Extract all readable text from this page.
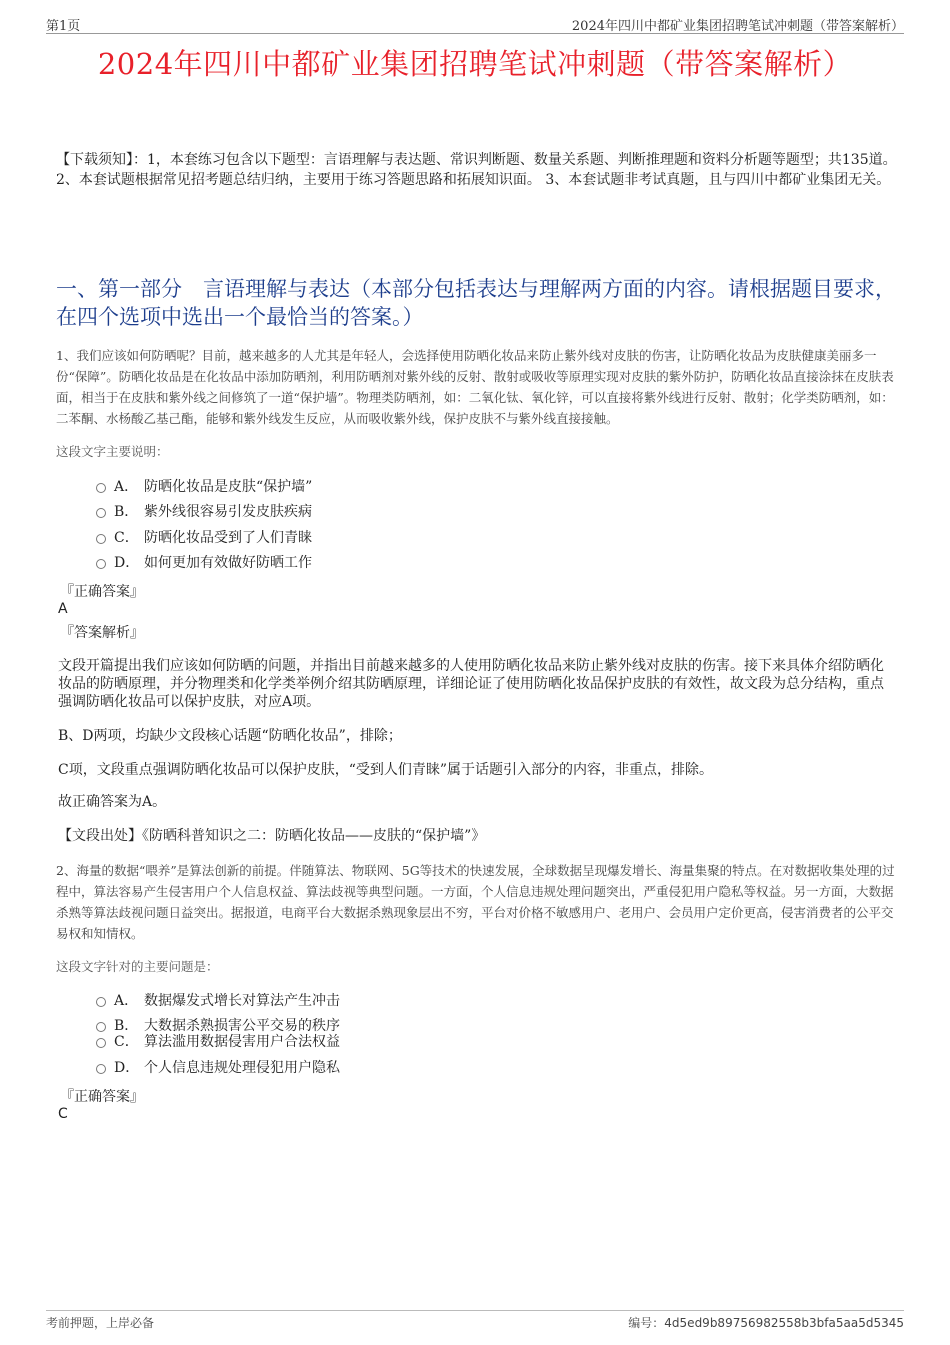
第1页	2024年四川中都矿业集团招聘笔试冲刺题（带答案解析）
2024年四川中都矿业集团招聘笔试冲刺题（带答案解析）
【下载须知】：1，本套练习包含以下题型：言语理解与表达题、常识判断题、数量关系题、判断推理题和资料分析题等题型；共135道。 2、本套试题根据常见招考题总结归纳，主要用于练习答题思路和拓展知识面。 3、本套试题非考试真题，且与四川中都矿业集团无关。
一、第一部分　言语理解与表达（本部分包括表达与理解两方面的内容。请根据题目要求，在四个选项中选出一个最恰当的答案。）
1、我们应该如何防晒呢？目前，越来越多的人尤其是年轻人，会选择使用防晒化妆品来防止紫外线对皮肤的伤害，让防晒化妆品为皮肤健康美丽多一份“保障”。防晒化妆品是在化妆品中添加防晒剂，利用防晒剂对紫外线的反射、散射或吸收等原理实现对皮肤的紫外防护，防晒化妆品直接涂抹在皮肤表面，相当于在皮肤和紫外线之间修筑了一道“保护墙”。物理类防晒剂，如：二氧化钛、氧化锌，可以直接将紫外线进行反射、散射；化学类防晒剂，如：二苯酮、水杨酸乙基己酯，能够和紫外线发生反应，从而吸收紫外线，保护皮肤不与紫外线直接接触。
这段文字主要说明：
A． 防晒化妆品是皮肤“保护墙”
B． 紫外线很容易引发皮肤疾病
C． 防晒化妆品受到了人们青睐
D． 如何更加有效做好防晒工作
『正确答案』
A
『答案解析』
文段开篇提出我们应该如何防晒的问题，并指出目前越来越多的人使用防晒化妆品来防止紫外线对皮肤的伤害。接下来具体介绍防晒化妆品的防晒原理，并分物理类和化学类举例介绍其防晒原理，详细论证了使用防晒化妆品保护皮肤的有效性，故文段为总分结构，重点强调防晒化妆品可以保护皮肤，对应A项。
B、D两项，均缺少文段核心话题“防晒化妆品”，排除；
C项，文段重点强调防晒化妆品可以保护皮肤，“受到人们青睐”属于话题引入部分的内容，非重点，排除。
故正确答案为A。
【文段出处】《防晒科普知识之二：防晒化妆品——皮肤的“保护墙”》
2、海量的数据“喂养”是算法创新的前提。伴随算法、物联网、5G等技术的快速发展，全球数据呈现爆发增长、海量集聚的特点。在对数据收集处理的过程中，算法容易产生侵害用户个人信息权益、算法歧视等典型问题。一方面，个人信息违规处理问题突出，严重侵犯用户隐私等权益。另一方面，大数据杀熟等算法歧视问题日益突出。据报道，电商平台大数据杀熟现象层出不穷，平台对价格不敏感用户、老用户、会员用户定价更高，侵害消费者的公平交易权和知情权。
这段文字针对的主要问题是：
A． 数据爆发式增长对算法产生冲击
B． 大数据杀熟损害公平交易的秩序
C． 算法滥用数据侵害用户合法权益
D． 个人信息违规处理侵犯用户隐私
『正确答案』
C
考前押题，上岸必备	编号：4d5ed9b89756982558b3bfa5aa5d5345
